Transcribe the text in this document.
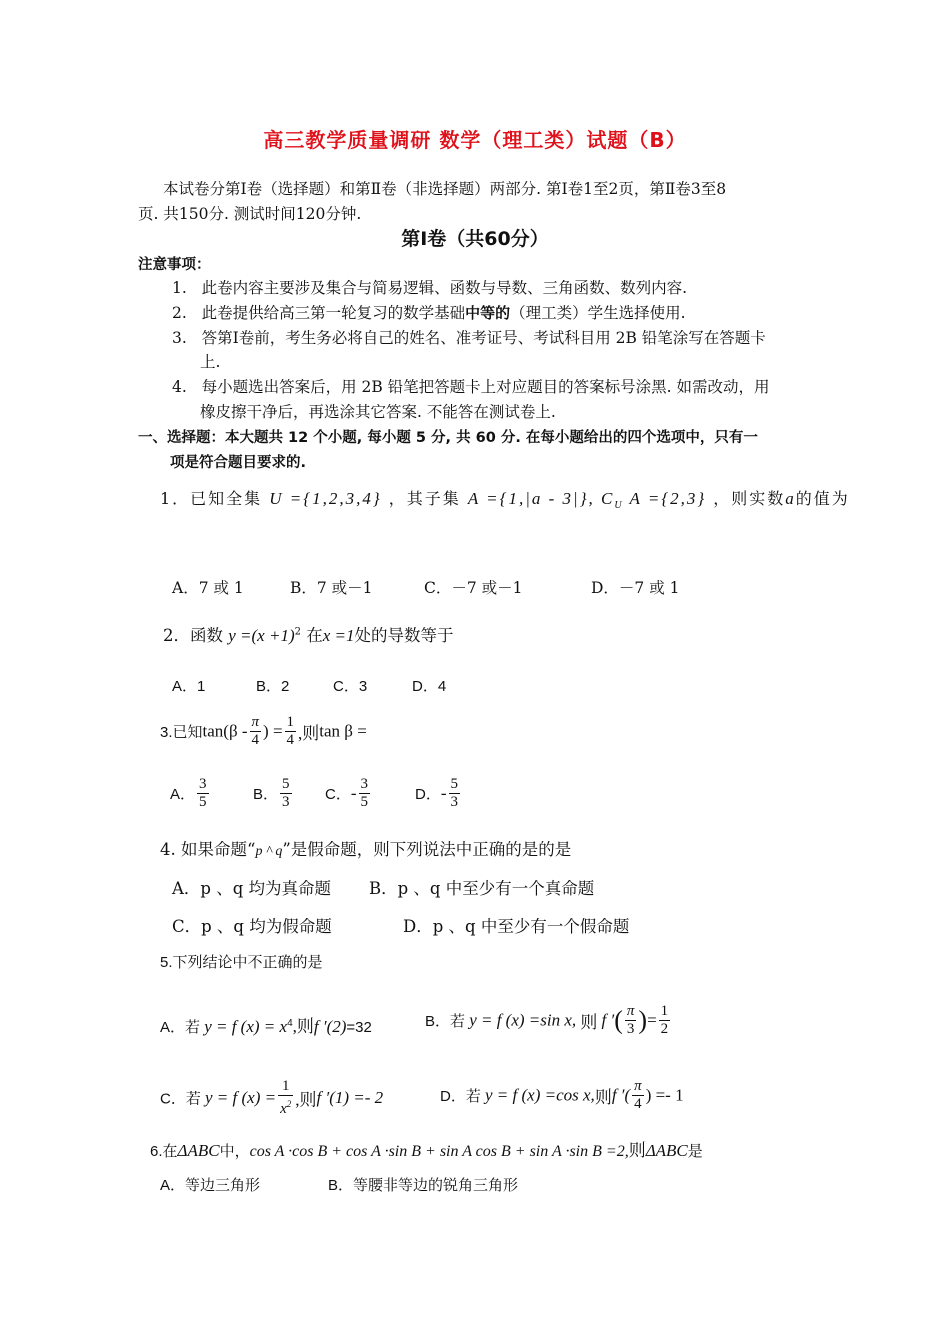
高三教学质量调研 数学（理工类）试题（B）
本试卷分第Ⅰ卷（选择题）和第Ⅱ卷（非选择题）两部分. 第Ⅰ卷1至2页，第Ⅱ卷3至8
页. 共150分. 测试时间120分钟.
第Ⅰ卷（共60分）
注意事项：
1. 此卷内容主要涉及集合与简易逻辑、函数与导数、三角函数、数列内容.
2. 此卷提供给高三第一轮复习的数学基础中等的（理工类）学生选择使用.
3. 答第Ⅰ卷前，考生务必将自己的姓名、准考证号、考试科目用 2B 铅笔涂写在答题卡
上.
4. 每小题选出答案后，用 2B 铅笔把答题卡上对应题目的答案标号涂黑. 如需改动，用
橡皮擦干净后，再选涂其它答案. 不能答在测试卷上.
一、选择题：本大题共 12 个小题, 每小题 5 分, 共 60 分. 在每小题给出的四个选项中，只有一
项是符合题目要求的.
1．已知全集 U ={1,2,3,4} ，其子集 A ={1,|a - 3|}, $C_U$ A ={2,3} ，则实数a的值为
A．7 或 1	B．7 或－1	C．－7 或－1	D．－7 或 1
2．函数 $y =(x +1)^2$ 在x =1处的导数等于
A．1	B．2	C．3	D．4
3.已知$\tan(\beta - \frac{\pi}{4}$ ) = $\frac{1}{4}$ ,则tan β =
A． $\frac{3}{5}$	B． $\frac{5}{3}$ C．- $\frac{3}{5}$	D．- $\frac{5}{3}$
4. 如果命题“p ^ q”是假命题，则下列说法中正确的是的是
A．p 、q 均为真命题 B．p 、q 中至少有一个真命题
C．p 、q 均为假命题	D．p 、q 中至少有一个假命题
5.下列结论中不正确的是
A．若 y = f $(x) = x^4$,则f ′(2)=32	B．若 y = f (x) =sin x, 则 f ′( $\frac{\pi}{3}$ )= $\frac{1}{2}$
C．若 y = f $(x) = \frac{1}{x^2}$ ,则f ′(1) =- 2	D．若 y = f (x) =cos x,则f ′( $\frac{\pi}{4}$ ) =- 1
6.在ΔABC中，cos A ·cos B + cos A ·sin B + sin A cos B + sin A ·sin B =2,则ΔABC是
A．等边三角形	B．等腰非等边的锐角三角形
